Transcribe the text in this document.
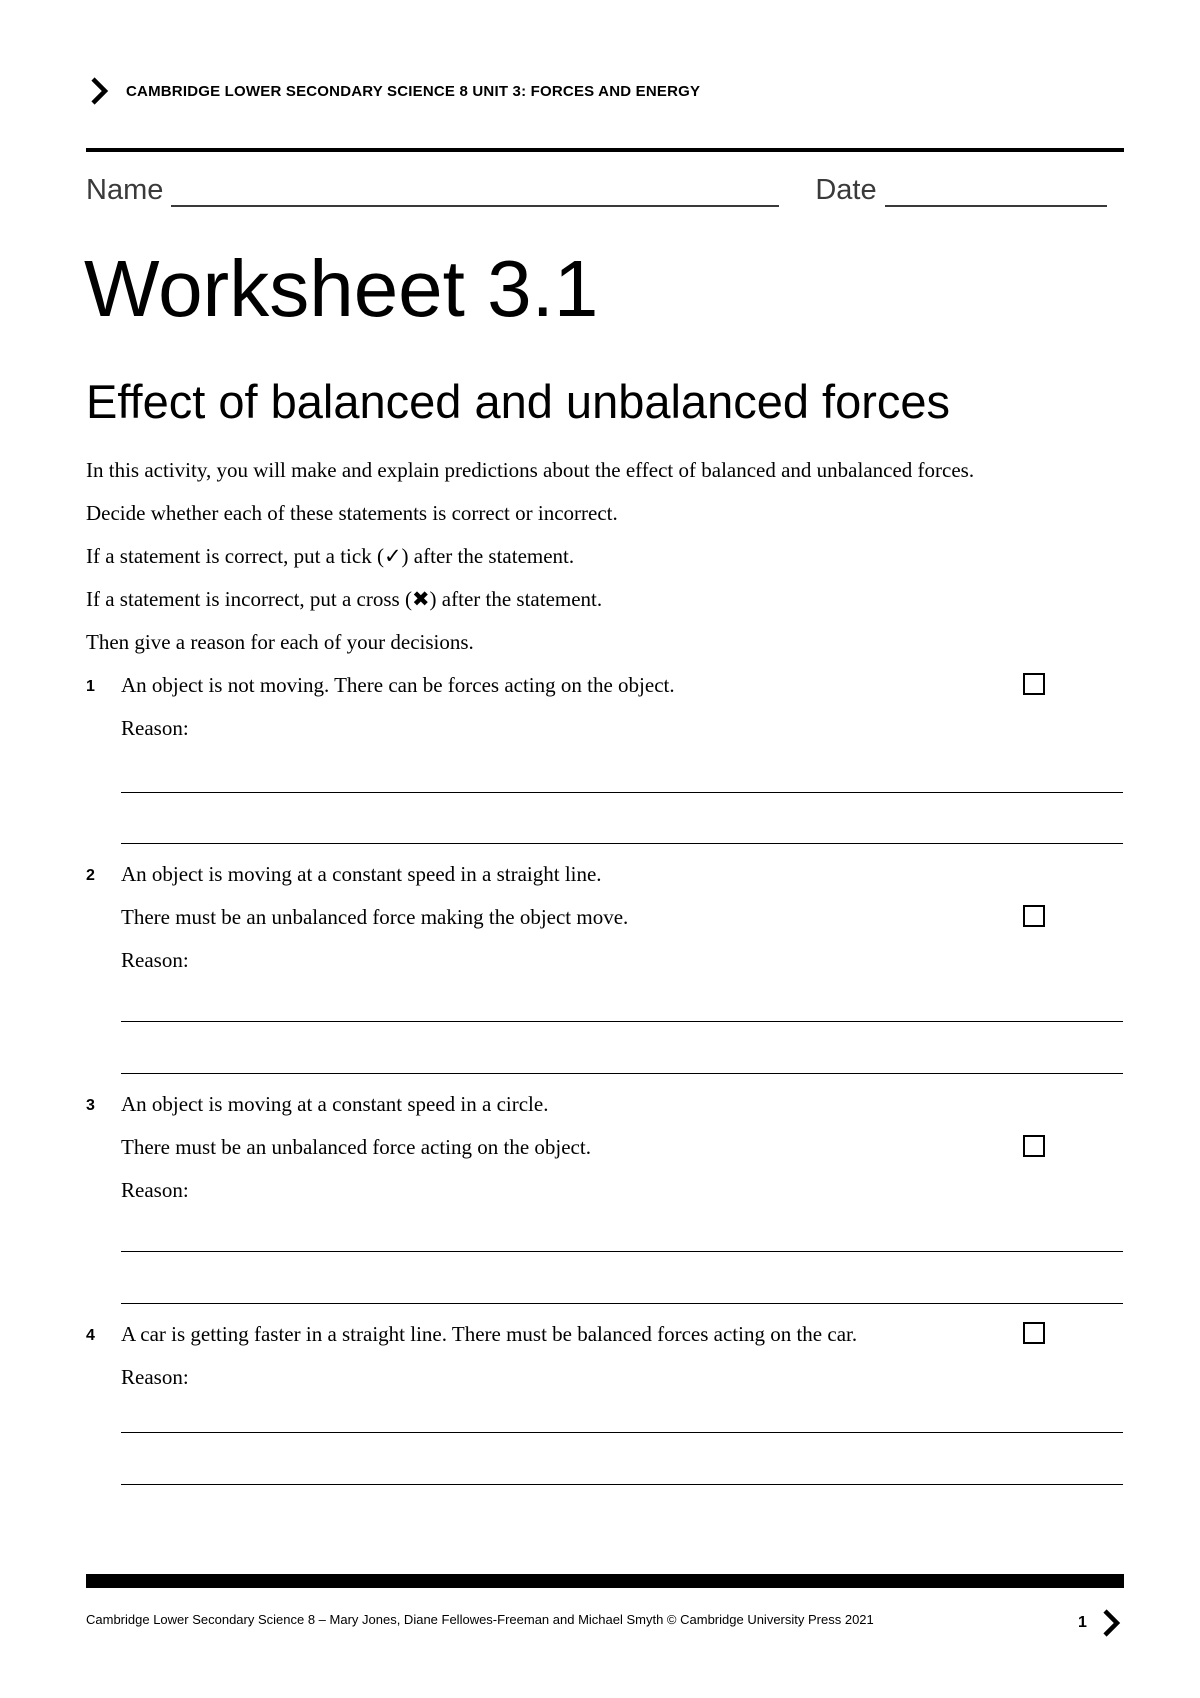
CAMBRIDGE LOWER SECONDARY SCIENCE 8 UNIT 3: FORCES AND ENERGY
Name	Date
Worksheet 3.1
Effect of balanced and unbalanced forces

In this activity, you will make and explain predictions about the effect of balanced and unbalanced forces.

Decide whether each of these statements is correct or incorrect.

If a statement is correct, put a tick (✓) after the statement.

If a statement is incorrect, put a cross (✖) after the statement.

Then give a reason for each of your decisions.

1 An object is not moving. There can be forces acting on the object.
Reason:
2 An object is moving at a constant speed in a straight line.
There must be an unbalanced force making the object move.
Reason:
3 An object is moving at a constant speed in a circle.
There must be an unbalanced force acting on the object.
Reason:
4 A car is getting faster in a straight line. There must be balanced forces acting on the car.
Reason:
Cambridge Lower Secondary Science 8 – Mary Jones, Diane Fellowes-Freeman and Michael Smyth © Cambridge University Press 2021	1
